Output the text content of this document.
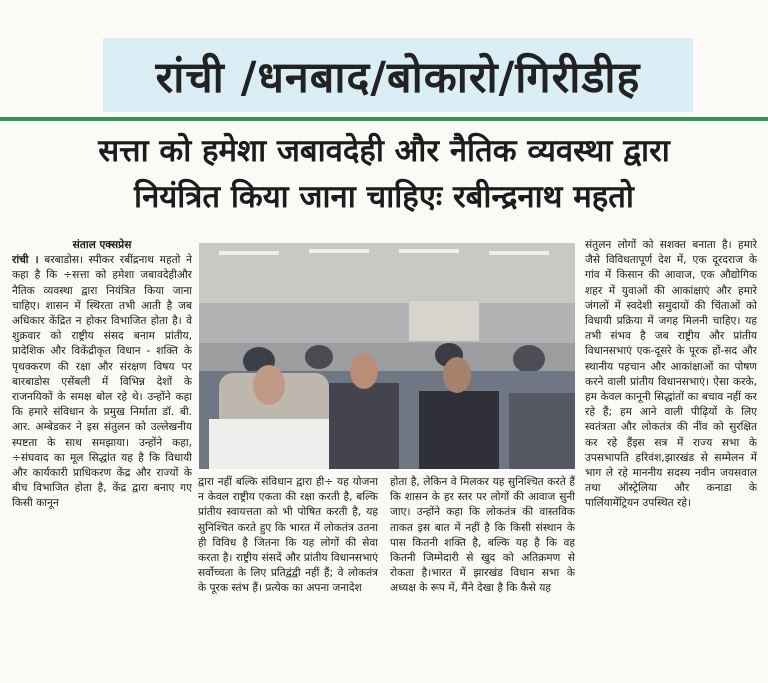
रांची /धनबाद/बोकारो/गिरीडीह
सत्ता को हमेशा जबावदेही और नैतिक व्यवस्था द्वारा
नियंत्रित किया जाना चाहिएः रबीन्द्रनाथ महतो
संताल एक्सप्रेस
रांची । बरबाडोस। स्पीकर रबींद्रनाथ महतो ने कहा है कि ÷सत्ता को हमेशा जबावदेहीऔर नैतिक व्यवस्था द्वारा नियंत्रित किया जाना चाहिए। शासन में स्थिरता तभी आती है जब अधिकार केंद्रित न होकर विभाजित होता है। वे शुक्रवार को राष्ट्रीय संसद बनाम प्रांतीय, प्रादेशिक और विकेंद्रीकृत विधान - शक्ति के पृथक्करण की रक्षा और संरक्षण विषय पर बारबाडोस एसेंबली में विभिन्न देशों के राजनयिकों के समक्ष बोल रहे थे। उन्होंने कहा कि हमारे संविधान के प्रमुख निर्माता डॉ. बी. आर. अम्बेडकर ने इस संतुलन को उल्लेखनीय स्पष्टता के साथ समझाया। उन्होंने कहा, ÷संघवाद का मूल सिद्धांत यह है कि विधायी और कार्यकारी प्राधिकरण केंद्र और राज्यों के बीच विभाजित होता है, केंद्र द्वारा बनाए गए किसी कानून
द्वारा नहीं बल्कि संविधान द्वारा ही÷ यह योजना न केवल राष्ट्रीय एकता की रक्षा करती है, बल्कि प्रांतीय स्वायत्तता को भी पोषित करती है, यह सुनिश्चित करते हुए कि भारत में लोकतंत्र उतना ही विविध है जितना कि यह लोगों की सेवा करता है। राष्ट्रीय संसदें और प्रांतीय विधानसभाएं सर्वोच्चता के लिए प्रतिद्वंद्वी नहीं हैं; वे लोकतंत्र के पूरक स्तंभ हैं। प्रत्येक का अपना जनादेश
होता है, लेकिन वे मिलकर यह सुनिश्चित करते हैं कि शासन के हर स्तर पर लोगों की आवाज सुनी जाए। उन्होंने कहा कि लोकतंत्र की वास्तविक ताकत इस बात में नहीं है कि किसी संस्थान के पास कितनी शक्ति है, बल्कि यह है कि वह कितनी जिम्मेदारी से खुद को अतिक्रमण से रोकता है।भारत में झारखंड विधान सभा के अध्यक्ष के रूप में, मैंने देखा है कि कैसे यह
संतुलन लोगों को सशक्त बनाता है। हमारे जैसे विविधतापूर्ण देश में, एक दूरदराज के गांव में किसान की आवाज, एक औद्योगिक शहर में युवाओं की आकांक्षाएं और हमारे जंगलों में स्वदेशी समुदायों की चिंताओं को विधायी प्रक्रिया में जगह मिलनी चाहिए। यह तभी संभव है जब राष्ट्रीय और प्रांतीय विधानसभाएं एक-दूसरे के पूरक हों-सद और स्थानीय पहचान और आकांक्षाओं का पोषण करने वाली प्रांतीय विधानसभाएं। ऐसा करके, हम केवल कानूनी सिद्धांतों का बचाव नहीं कर रहे हैं; हम आने वाली पीढ़ियों के लिए स्वतंत्रता और लोकतंत्र की नींव को सुरक्षित कर रहे हैंइस सत्र में राज्य सभा के उपसभापति हरिवंश,झारखंड से सम्मेलन में भाग ले रहे माननीय सदस्य नवीन जयसवाल तथा ऑस्ट्रेलिया और कनाडा के पार्लियामेंट्रियन उपस्थित रहे।
